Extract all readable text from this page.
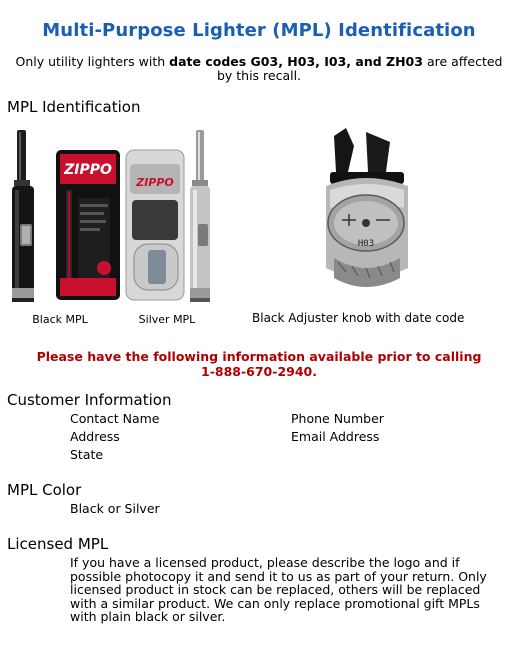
Multi-Purpose Lighter (MPL) Identification
Only utility lighters with date codes G03, H03, I03, and ZH03 are affected by this recall.
MPL Identification
ZIPPO
ZIPPO
H03
Black MPL	Silver MPL	Black Adjuster knob with date code
Please have the following information available prior to calling
1-888-670-2940.
Customer Information
Contact Name
Address
State
Phone Number
Email Address
MPL Color
Black or Silver
Licensed MPL
If you have a licensed product, please describe the logo and if possible photocopy it and send it to us as part of your return. Only licensed product in stock can be replaced, others will be replaced with a similar product. We can only replace promotional gift MPLs with plain black or silver.
